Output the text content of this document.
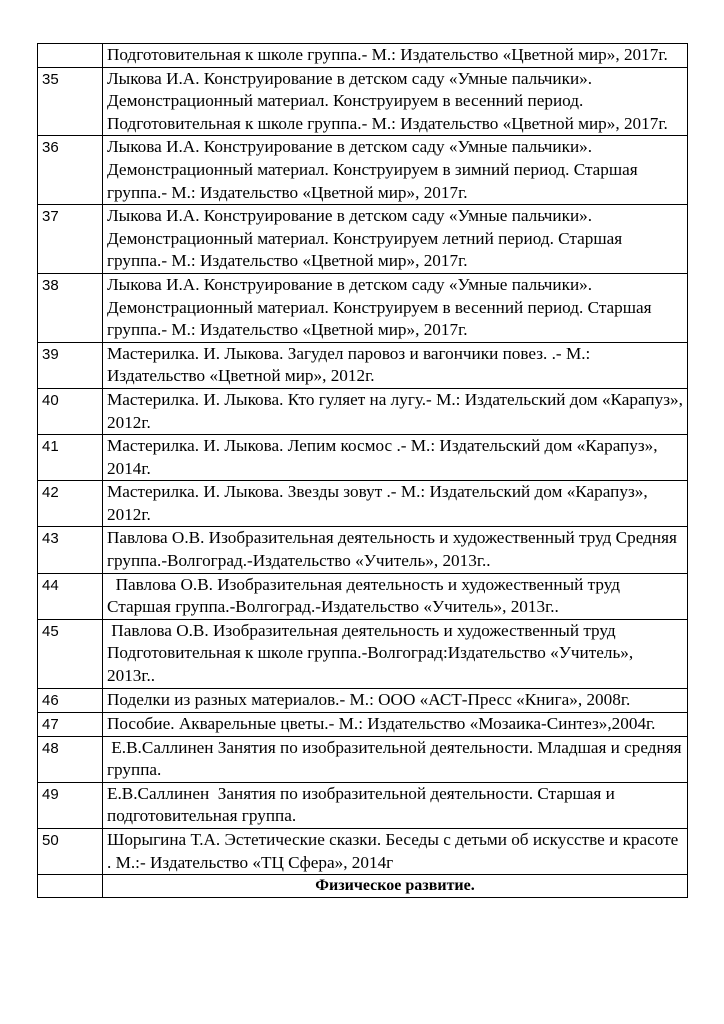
	Подготовительная к школе группа.- М.: Издательство «Цветной мир», 2017г.
35	Лыкова И.А. Конструирование в детском саду «Умные пальчики». Демонстрационный материал. Конструируем в весенний период. Подготовительная к школе группа.- М.: Издательство «Цветной мир», 2017г.
36	Лыкова И.А. Конструирование в детском саду «Умные пальчики». Демонстрационный материал. Конструируем в зимний период. Старшая группа.- М.: Издательство «Цветной мир», 2017г.
37	Лыкова И.А. Конструирование в детском саду «Умные пальчики». Демонстрационный материал. Конструируем летний период. Старшая группа.- М.: Издательство «Цветной мир», 2017г.
38	Лыкова И.А. Конструирование в детском саду «Умные пальчики». Демонстрационный материал. Конструируем в весенний период. Старшая группа.- М.: Издательство «Цветной мир», 2017г.
39	Мастерилка. И. Лыкова. Загудел паровоз и вагончики повез. .- М.: Издательство «Цветной мир», 2012г.
40	Мастерилка. И. Лыкова. Кто гуляет на лугу.- М.: Издательский дом «Карапуз», 2012г.
41	Мастерилка. И. Лыкова. Лепим космос .- М.: Издательский дом «Карапуз», 2014г.
42	Мастерилка. И. Лыкова. Звезды зовут .- М.: Издательский дом «Карапуз», 2012г.
43	Павлова О.В. Изобразительная деятельность и художественный труд Средняя группа.-Волгоград.-Издательство «Учитель», 2013г..
44	Павлова О.В. Изобразительная деятельность и художественный труд Старшая группа.-Волгоград.-Издательство «Учитель», 2013г..
45	Павлова О.В. Изобразительная деятельность и художественный труд Подготовительная к школе группа.-Волгоград:Издательство «Учитель», 2013г..
46	Поделки из разных материалов.- М.: ООО «АСТ-Пресс «Книга», 2008г.
47	Пособие. Акварельные цветы.- М.: Издательство «Мозаика-Синтез»,2004г.
48	Е.В.Саллинен Занятия по изобразительной деятельности. Младшая и средняя группа.
49	Е.В.Саллинен  Занятия по изобразительной деятельности. Старшая и подготовительная группа.
50	Шорыгина Т.А. Эстетические сказки. Беседы с детьми об искусстве и красоте . М.:- Издательство «ТЦ Сфера», 2014г
	Физическое развитие.
